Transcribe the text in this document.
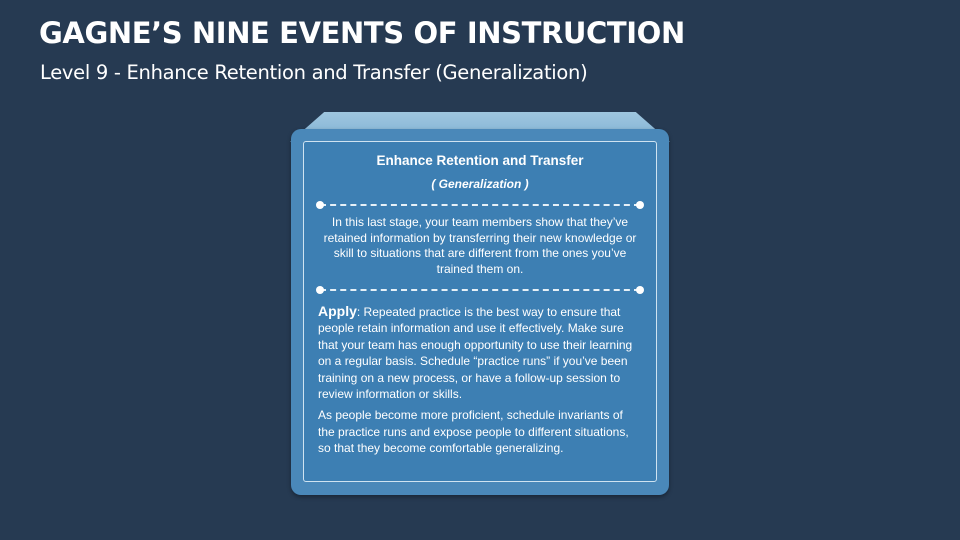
GAGNE’S NINE EVENTS OF INSTRUCTION
Level 9 - Enhance Retention and Transfer (Generalization)
Enhance Retention and Transfer
( Generalization )
In this last stage, your team members show that they’ve retained information by transferring their new knowledge or skill to situations that are different from the ones you’ve trained them on.
Apply: Repeated practice is the best way to ensure that people retain information and use it effectively. Make sure that your team has enough opportunity to use their learning on a regular basis. Schedule “practice runs” if you’ve been training on a new process, or have a follow-up session to review information or skills.
As people become more proficient, schedule invariants of the practice runs and expose people to different situations, so that they become comfortable generalizing.
